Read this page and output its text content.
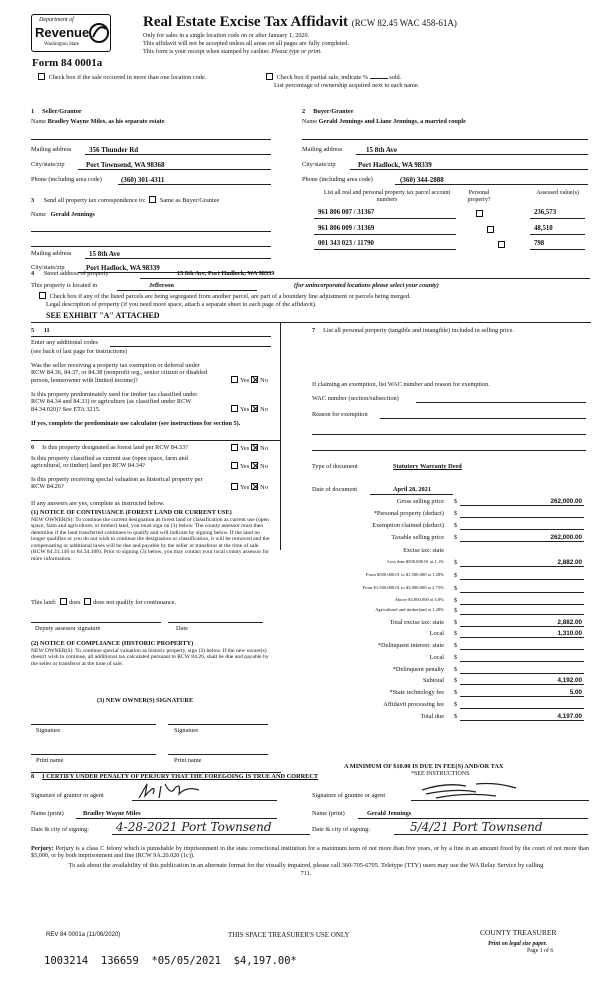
Department of
Revenue
Washington State
Form 84 0001a
Real Estate Excise Tax Affidavit (RCW 82.45 WAC 458-61A)
Only for sales in a single location code on or after January 1, 2020.
This affidavit will not be accepted unless all areas on all pages are fully completed.
This form is your receipt when stamped by cashier. Please type or print.
Check box if the sale occurred in more than one location code.	Check box if partial sale, indicate %	sold.
List percentage of ownership acquired next to each name.
1 Seller/Grantor
Name Bradley Wayne Miles, as his separate estate
2 Buyer/Grantee
Name Gerald Jennings and Liane Jennings, a married couple
Mailing address	356 Thunder Rd
City/state/zip	Port Townsend, WA 98368
Phone (including area code)	(360) 301-4311
Mailing address	15 8th Ave
City/state/zip	Port Hadlock, WA 98339
Phone (including area code)	(360) 344-2888
3 Send all property tax correspondence to: Same as Buyer/Grantee
Name Gerald Jennings
Mailing address	15 8th Ave
City/state/zip	Port Hadlock, WA 98339
List all real and personal property tax parcel account numbers
Personal property?
Assessed value(s)
961 806 007 / 31367	236,573
961 806 009 / 31369	48,510
001 343 023 / 11790	798
4 Street address of property	15 8th Ave, Port Hadlock, WA 98339
This property is located in	Jefferson	(for unincorporated locations please select your county)
Check box if any of the listed parcels are being segregated from another parcel, are part of a boundary line adjustment or parcels being merged.
Legal description of property (if you need more space, attach a separate sheet to each page of the affidavit).
SEE EXHIBIT "A" ATTACHED
5 11
Enter any additional codes
(see back of last page for instructions)
Was the seller receiving a property tax exemption or deferral under RCW 84.36, 84.37, or 84.38 (nonprofit org., senior citizen or disabled person, homeowner with limited income)?	Yes No
Is this property predominately used for timber (as classified under RCW 84.34 and 84.33) or agriculture (as classified under RCW 84.34.020)? See ETA 3215.	Yes No
If yes, complete the predominate use calculator (see instructions for section 5).
6 Is this property designated as forest land per RCW 84.33?	Yes No
Is this property classified as current use (open space, farm and agricultural, or timber) land per RCW 84.34?	Yes No
Is this property receiving special valuation as historical property per RCW 84.26?	Yes No
If any answers are yes, complete as instructed below.
(1) NOTICE OF CONTINUANCE (FOREST LAND OR CURRENT USE)
NEW OWNER(S): To continue the current designation as forest land or classification as current use (open space, farm and agriculture, or timber) land, you must sign on (3) below. The county assessor must then determine if the land transferred continues to qualify and will indicate by signing below. If the land no longer qualifies or you do not wish to continue the designation or classification, it will be removed and the compensating or additional taxes will be due and payable by the seller or transferor at the time of sale. (RCW 84.33.140 or 84.34.108). Prior to signing (3) below, you may contact your local county assessor for more information.
This land: does does not qualify for continuance.
Deputy assessor signature	Date
(2) NOTICE OF COMPLIANCE (HISTORIC PROPERTY)
NEW OWNER(S): To continue special valuation as historic property, sign (3) below. If the new owner(s) doesn't wish to continue, all additional tax calculated pursuant to RCW 84.26, shall be due and payable by the seller or transferor at the time of sale.
(3) NEW OWNER(S) SIGNATURE
Signature	Signature
Print name	Print name
7 List all personal property (tangible and intangible) included in selling price.
If claiming an exemption, list WAC number and reason for exemption.
WAC number (section/subsection)
Reason for exemption
Type of document	Statutory Warranty Deed
Date of document	April 28, 2021
Gross selling price $	262,000.00
*Personal property (deduct) $

Exemption claimed (deduct) $

Taxable selling price $	262,000.00
Excise tax: state
Less than $500,000.01 at 1.1% $	2,882.00
From $500,000.01 to $1,500,000 at 1.28% $

From $1,500,000.01 to $3,000,000 at 2.75% $

Above $3,000,000 at 3.0% $

Agricultural and timberland at 1.28% $

Total excise tax: state $	2,882.00
Local $	1,310.00
*Delinquent interest: state $

Local $

*Delinquent penalty $

Subtotal $	4,192.00
*State technology fee $	5.00
Affidavit processing fee $

Total due $	4,197.00
A MINIMUM OF $10.00 IS DUE IN FEE(S) AND/OR TAX
*SEE INSTRUCTIONS
8 I CERTIFY UNDER PENALTY OF PERJURY THAT THE FOREGOING IS TRUE AND CORRECT
Signature of grantor or agent	Signature of grantee or agent
Name (print)	Bradley Wayne Miles	Name (print)	Gerald Jennings
Date & city of signing: 4-28-2021 Port Townsend	Date & city of signing:	5/4/21 Port Townsend
Perjury: Perjury is a class C felony which is punishable by imprisonment in the state correctional institution for a maximum term of not more than five years, or by a fine in an amount fixed by the court of not more than $5,000, or by both imprisonment and fine (RCW 9A.20.020 (1c)).
To ask about the availability of this publication in an alternate format for the visually impaired, please call 360-705-6705. Teletype (TTY) users may use the WA Relay Service by calling 711.
REV 84 0001a (11/06/2020)	THIS SPACE TREASURER'S USE ONLY	COUNTY TREASURER
Print on legal size paper.
Page 1 of 6
1003214  136659  *05/05/2021  $4,197.00*
